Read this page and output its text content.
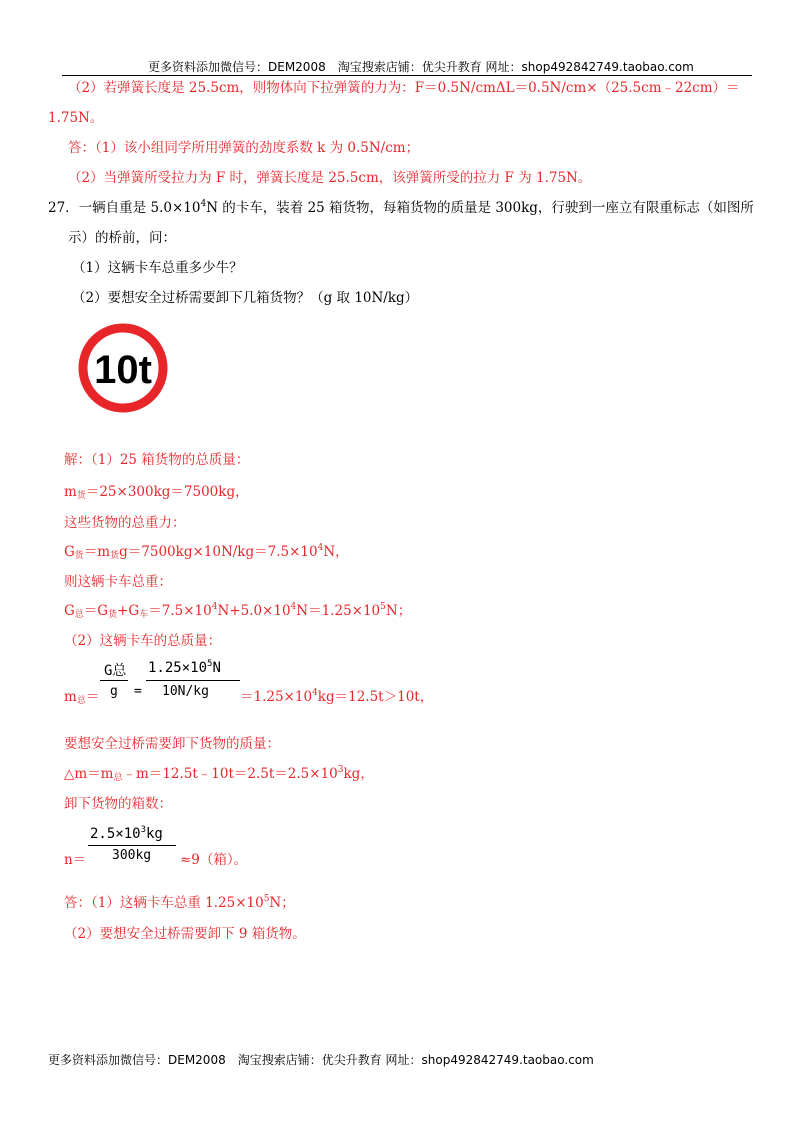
更多资料添加微信号：DEM2008　淘宝搜索店铺：优尖升教育 网址：shop492842749.taobao.com
（2）若弹簧长度是 25.5cm，则物体向下拉弹簧的力为：F＝0.5N/cmΔL＝0.5N/cm×（25.5cm﹣22cm）＝
1.75N。
答：（1）该小组同学所用弹簧的劲度系数 k 为 0.5N/cm；
（2）当弹簧所受拉力为 F 时，弹簧长度是 25.5cm，该弹簧所受的拉力 F 为 1.75N。
27．一辆自重是 $5.0\times 10^4N$ 的卡车，装着 25 箱货物，每箱货物的质量是 300kg，行驶到一座立有限重标志（如图所
示）的桥前，问：
（1）这辆卡车总重多少牛？
（2）要想安全过桥需要卸下几箱货物？（g 取 10N/kg）
10t
解：（1）25 箱货物的总质量：
$m_货=25\times 300kg=7500kg$，
这些货物的总重力：
$G_货=m_货g=7500kg\times 10N/kg=7.5\times 10^4N$，
则这辆卡车总重：
$G_总=G_货+G_车=7.5\times 10^4N+5.0\times 10^4N=1.25\times 10^5N$；
（2）这辆卡车的总质量：
G总
g =
$1.25\times 10^5N$
10N/kg
$m_总=$	$=1.25\times 10^4kg=12.5t>10t$，
要想安全过桥需要卸下货物的质量：
$\triangle m=m_总﹣m=12.5t﹣10t=2.5t=2.5\times 10^3kg$，
卸下货物的箱数：
$2.5\times 10^3kg$
300kg
n＝	≈9（箱）。
答：（1）这辆卡车总重 $1.25\times 10^5N$；
（2）要想安全过桥需要卸下 9 箱货物。
更多资料添加微信号：DEM2008　淘宝搜索店铺：优尖升教育 网址：shop492842749.taobao.com
